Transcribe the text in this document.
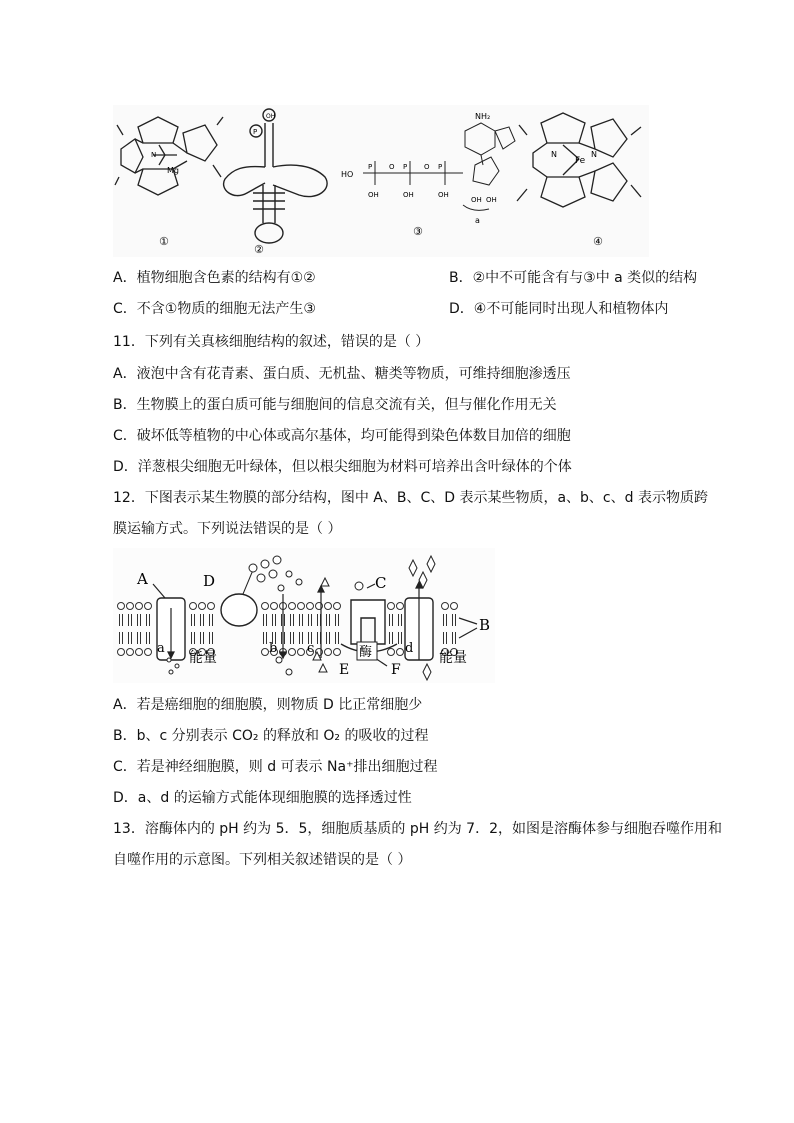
N
Mg
①
OH
P
②
HO
P	P	P
OH	OH	OH
O	O
NH₂
OH OH
a
③
N	N
Fe
④
A．植物细胞含色素的结构有①②	B．②中不可能含有与③中 a 类似的结构
C．不含①物质的细胞无法产生③	D．④不可能同时出现人和植物体内
11．下列有关真核细胞结构的叙述，错误的是（ ）
A．液泡中含有花青素、蛋白质、无机盐、糖类等物质，可维持细胞渗透压
B．生物膜上的蛋白质可能与细胞间的信息交流有关，但与催化作用无关
C．破坏低等植物的中心体或高尔基体，均可能得到染色体数目加倍的细胞
D．洋葱根尖细胞无叶绿体，但以根尖细胞为材料可培养出含叶绿体的个体
12．下图表示某生物膜的部分结构，图中 A、B、C、D 表示某些物质，a、b、c、d 表示物质跨
膜运输方式。下列说法错误的是（ ）
A	D	C
B
a	b c	d
E	F
能量	能量
酶
A．若是癌细胞的细胞膜，则物质 D 比正常细胞少
B．b、c 分别表示 CO₂ 的释放和 O₂ 的吸收的过程
C．若是神经细胞膜，则 d 可表示 Na⁺排出细胞过程
D．a、d 的运输方式能体现细胞膜的选择透过性
13．溶酶体内的 pH 约为 5．5，细胞质基质的 pH 约为 7．2，如图是溶酶体参与细胞吞噬作用和
自噬作用的示意图。下列相关叙述错误的是（ ）
